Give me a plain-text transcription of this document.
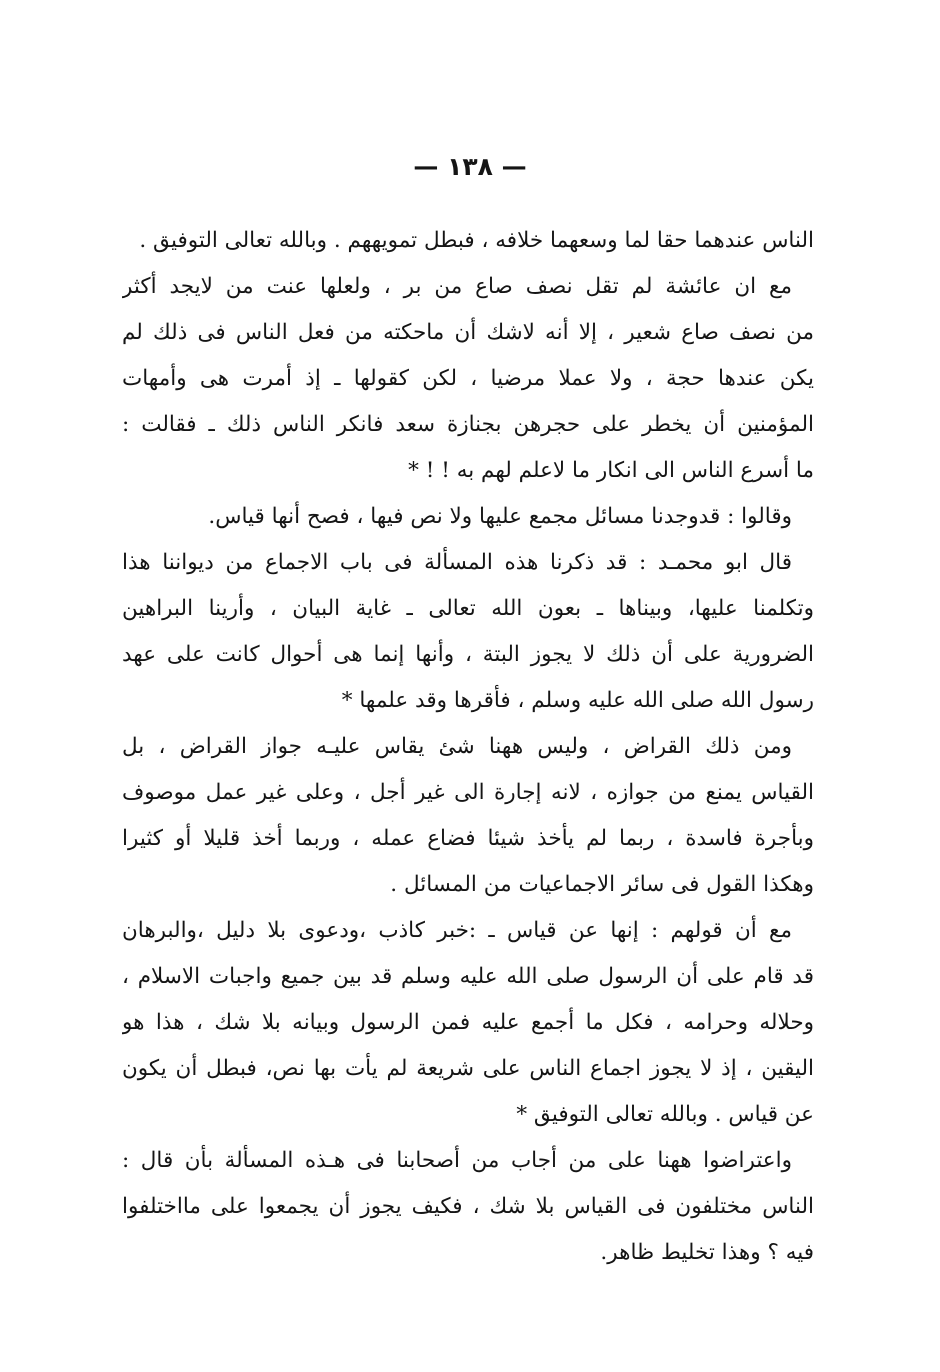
— ١٣٨ —
الناس عندهما حقا لما وسعهما خلافه ، فبطل تمويههم . وبالله تعالى التوفيق .
مع ان عائشة لم تقل نصف صاع من بر ، ولعلها عنت من لايجد أكثر
من نصف صاع شعير ، إلا أنه لاشك أن ماحكته من فعل الناس فى ذلك لم
يكن عندها حجة ، ولا عملا مرضيا ، لكن كقولها ـ إذ أمرت هى وأمهات
المؤمنين أن يخطر على حجرهن بجنازة سعد فانكر الناس ذلك ـ فقالت :
ما أسرع الناس الى انكار ما لاعلم لهم به ! ! *
وقالوا : قدوجدنا مسائل مجمع عليها ولا نص فيها ، فصح أنها قياس.
قال ابو محمـد : قد ذكرنا هذه المسألة فى باب الاجماع من ديواننا هذا
وتكلمنا عليها، وبيناها ـ بعون الله تعالى ـ غاية البيان ، وأرينا البراهين
الضرورية على أن ذلك لا يجوز البتة ، وأنها إنما هى أحوال كانت على عهد
رسول الله صلى الله عليه وسلم ، فأقرها وقد علمها *
ومن ذلك القراض ، وليس ههنا شئ يقاس عليـه جواز القراض ، بل
القياس يمنع من جوازه ، لانه إجارة الى غير أجل ، وعلى غير عمل موصوف
وبأجرة فاسدة ، ربما لم يأخذ شيئا فضاع عمله ، وربما أخذ قليلا أو كثيرا
وهكذا القول فى سائر الاجماعيات من المسائل .
مع أن قولهم : إنها عن قياس ـ :خبر كاذب ،ودعوى بلا دليل ،والبرهان
قد قام على أن الرسول صلى الله عليه وسلم قد بين جميع واجبات الاسلام ،
وحلاله وحرامه ، فكل ما أجمع عليه فمن الرسول وبيانه بلا شك ، هذا هو
اليقين ، إذ لا يجوز اجماع الناس على شريعة لم يأت بها نص، فبطل أن يكون
عن قياس . وبالله تعالى التوفيق *
واعتراضوا ههنا على من أجاب من أصحابنا فى هـذه المسألة بأن قال :
الناس مختلفون فى القياس بلا شك ، فكيف يجوز أن يجمعوا على مااختلفوا
فيه ؟ وهذا تخليط ظاهر.
